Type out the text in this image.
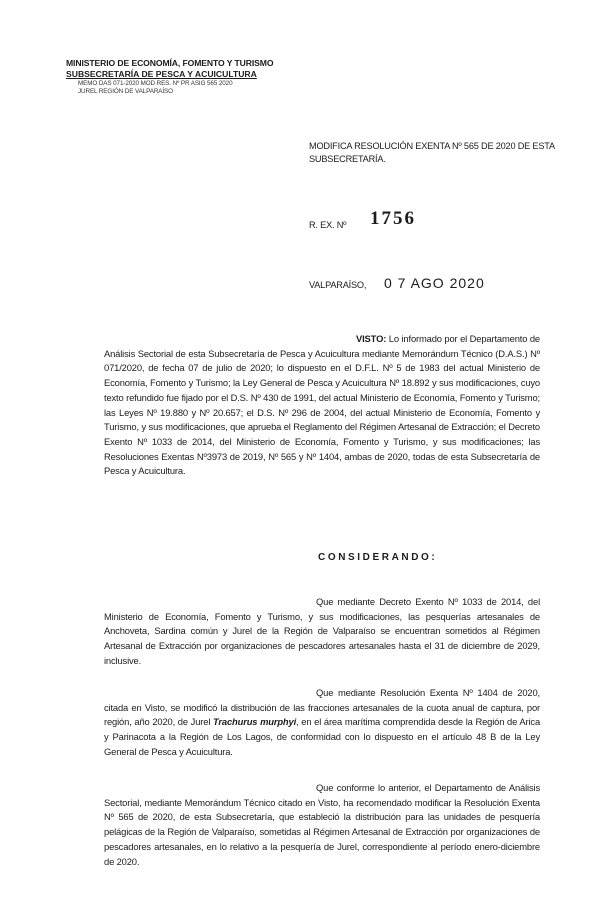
MINISTERIO DE ECONOMÍA, FOMENTO Y TURISMO
SUBSECRETARÍA DE PESCA Y ACUICULTURA
MEMO DAS 071-2020 MOD RES. Nº PR ASIG 565 2020
JUREL REGIÓN DE VALPARAÍSO
MODIFICA RESOLUCIÓN EXENTA Nº 565 DE 2020 DE ESTA SUBSECRETARÍA.
R. EX. Nº 1756
VALPARAÍSO, 0 7 AGO 2020
VISTO: Lo informado por el Departamento de Análisis Sectorial de esta Subsecretaría de Pesca y Acuicultura mediante Memorándum Técnico (D.A.S.) Nº 071/2020, de fecha 07 de julio de 2020; lo dispuesto en el D.F.L. Nº 5 de 1983 del actual Ministerio de Economía, Fomento y Turismo; la Ley General de Pesca y Acuicultura Nº 18.892 y sus modificaciones, cuyo texto refundido fue fijado por el D.S. Nº 430 de 1991, del actual Ministerio de Economía, Fomento y Turismo; las Leyes Nº 19.880 y Nº 20.657; el D.S. Nº 296 de 2004, del actual Ministerio de Economía, Fomento y Turismo, y sus modificaciones, que aprueba el Reglamento del Régimen Artesanal de Extracción; el Decreto Exento Nº 1033 de 2014, del Ministerio de Economía, Fomento y Turismo, y sus modificaciones; las Resoluciones Exentas Nº3973 de 2019, Nº 565 y Nº 1404, ambas de 2020, todas de esta Subsecretaría de Pesca y Acuicultura.
CONSIDERANDO:
Que mediante Decreto Exento Nº 1033 de 2014, del Ministerio de Economía, Fomento y Turismo, y sus modificaciones, las pesquerías artesanales de Anchoveta, Sardina común y Jurel de la Región de Valparaíso se encuentran sometidos al Régimen Artesanal de Extracción por organizaciones de pescadores artesanales hasta el 31 de diciembre de 2029, inclusive.
Que mediante Resolución Exenta Nº 1404 de 2020, citada en Visto, se modificó la distribución de las fracciones artesanales de la cuota anual de captura, por región, año 2020, de Jurel Trachurus murphyi, en el área marítima comprendida desde la Región de Arica y Parinacota a la Región de Los Lagos, de conformidad con lo dispuesto en el artículo 48 B de la Ley General de Pesca y Acuicultura.
Que conforme lo anterior, el Departamento de Análisis Sectorial, mediante Memorándum Técnico citado en Visto, ha recomendado modificar la Resolución Exenta Nº 565 de 2020, de esta Subsecretaría, que estableció la distribución para las unidades de pesquería pelágicas de la Región de Valparaíso, sometidas al Régimen Artesanal de Extracción por organizaciones de pescadores artesanales, en lo relativo a la pesquería de Jurel, correspondiente al período enero-diciembre de 2020.
